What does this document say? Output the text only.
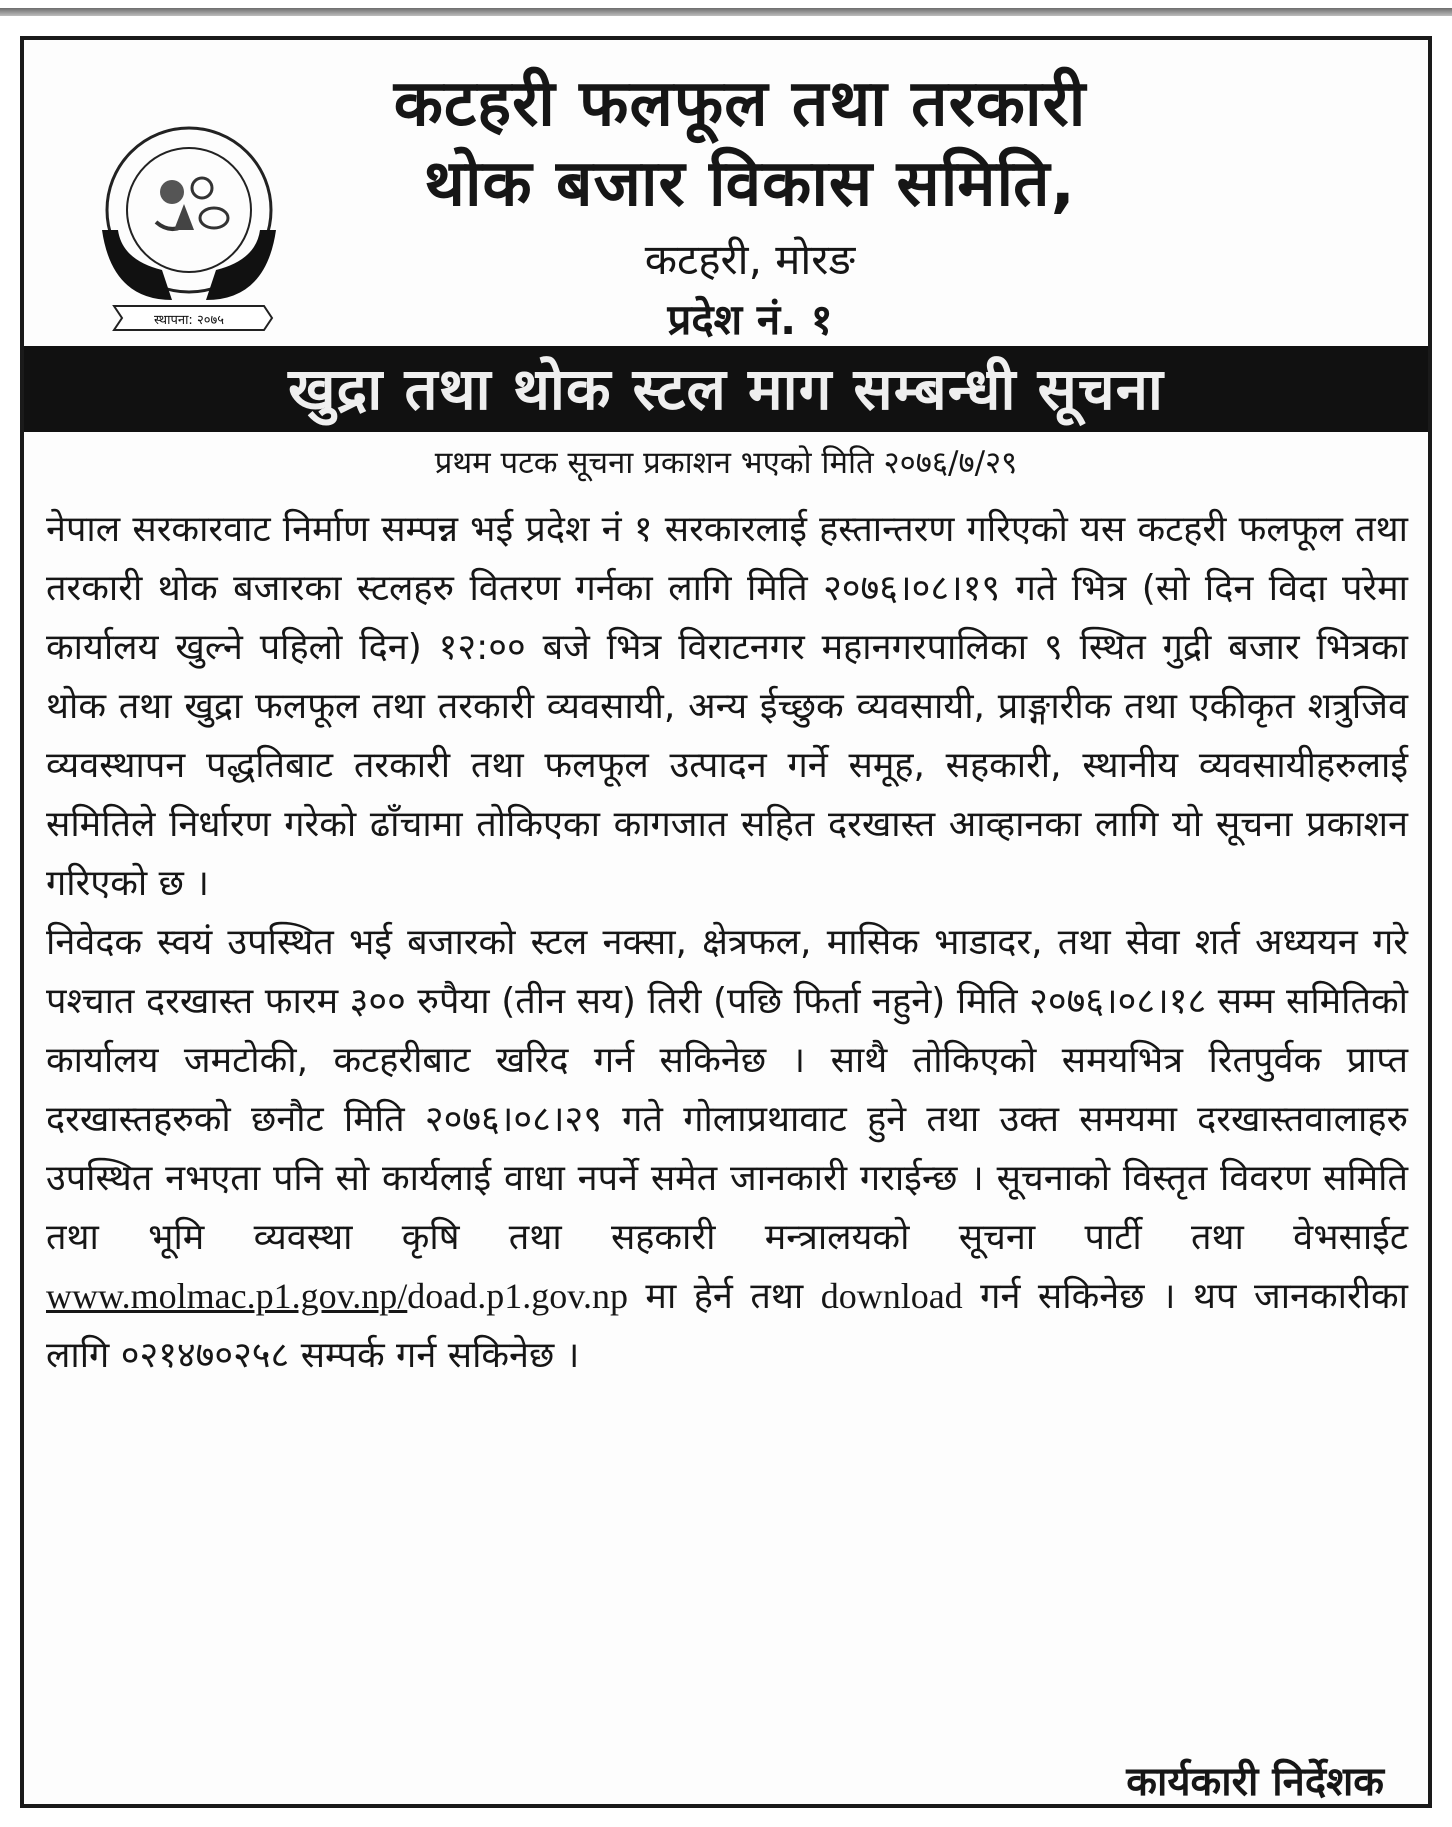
स्थापना: २०७५
कटहरी फलफूल तथा तरकारी
थोक बजार विकास समिति,
कटहरी, मोरङ
प्रदेश नं. १
खुद्रा तथा थोक स्टल माग सम्बन्धी सूचना
प्रथम पटक सूचना प्रकाशन भएको मिति २०७६/७/२९

नेपाल सरकारवाट निर्माण सम्पन्न भई प्रदेश नं १ सरकारलाई हस्तान्तरण गरिएको यस कटहरी फलफूल तथा तरकारी थोक बजारका स्टलहरु वितरण गर्नका लागि मिति २०७६।०८।१९ गते भित्र (सो दिन विदा परेमा कार्यालय खुल्ने पहिलो दिन) १२:०० बजे भित्र विराटनगर महानगरपालिका ९ स्थित गुद्री बजार भित्रका थोक तथा खुद्रा फलफूल तथा तरकारी व्यवसायी, अन्य ईच्छुक व्यवसायी, प्राङ्गारीक तथा एकीकृत शत्रुजिव व्यवस्थापन पद्धतिबाट तरकारी तथा फलफूल उत्पादन गर्ने समूह, सहकारी, स्थानीय व्यवसायीहरुलाई समितिले निर्धारण गरेको ढाँचामा तोकिएका कागजात सहित दरखास्त आव्हानका लागि यो सूचना प्रकाशन गरिएको छ ।

निवेदक स्वयं उपस्थित भई बजारको स्टल नक्सा, क्षेत्रफल, मासिक भाडादर, तथा सेवा शर्त अध्ययन गरे पश्चात दरखास्त फारम ३०० रुपैया (तीन सय) तिरी (पछि फिर्ता नहुने) मिति २०७६।०८।१८ सम्म समितिको कार्यालय जमटोकी, कटहरीबाट खरिद गर्न सकिनेछ । साथै तोकिएको समयभित्र रितपुर्वक प्राप्त दरखास्तहरुको छनौट मिति २०७६।०८।२९ गते गोलाप्रथावाट हुने तथा उक्त समयमा दरखास्तवालाहरु उपस्थित नभएता पनि सो कार्यलाई वाधा नपर्ने समेत जानकारी गराईन्छ । सूचनाको विस्तृत विवरण समिति तथा भूमि व्यवस्था कृषि तथा सहकारी मन्त्रालयको सूचना पार्टी तथा वेभसाईट www.molmac.p1.gov.np/doad.p1.gov.np मा हेर्न तथा download गर्न सकिनेछ । थप जानकारीका लागि ०२१४७०२५८ सम्पर्क गर्न सकिनेछ ।

कार्यकारी निर्देशक
